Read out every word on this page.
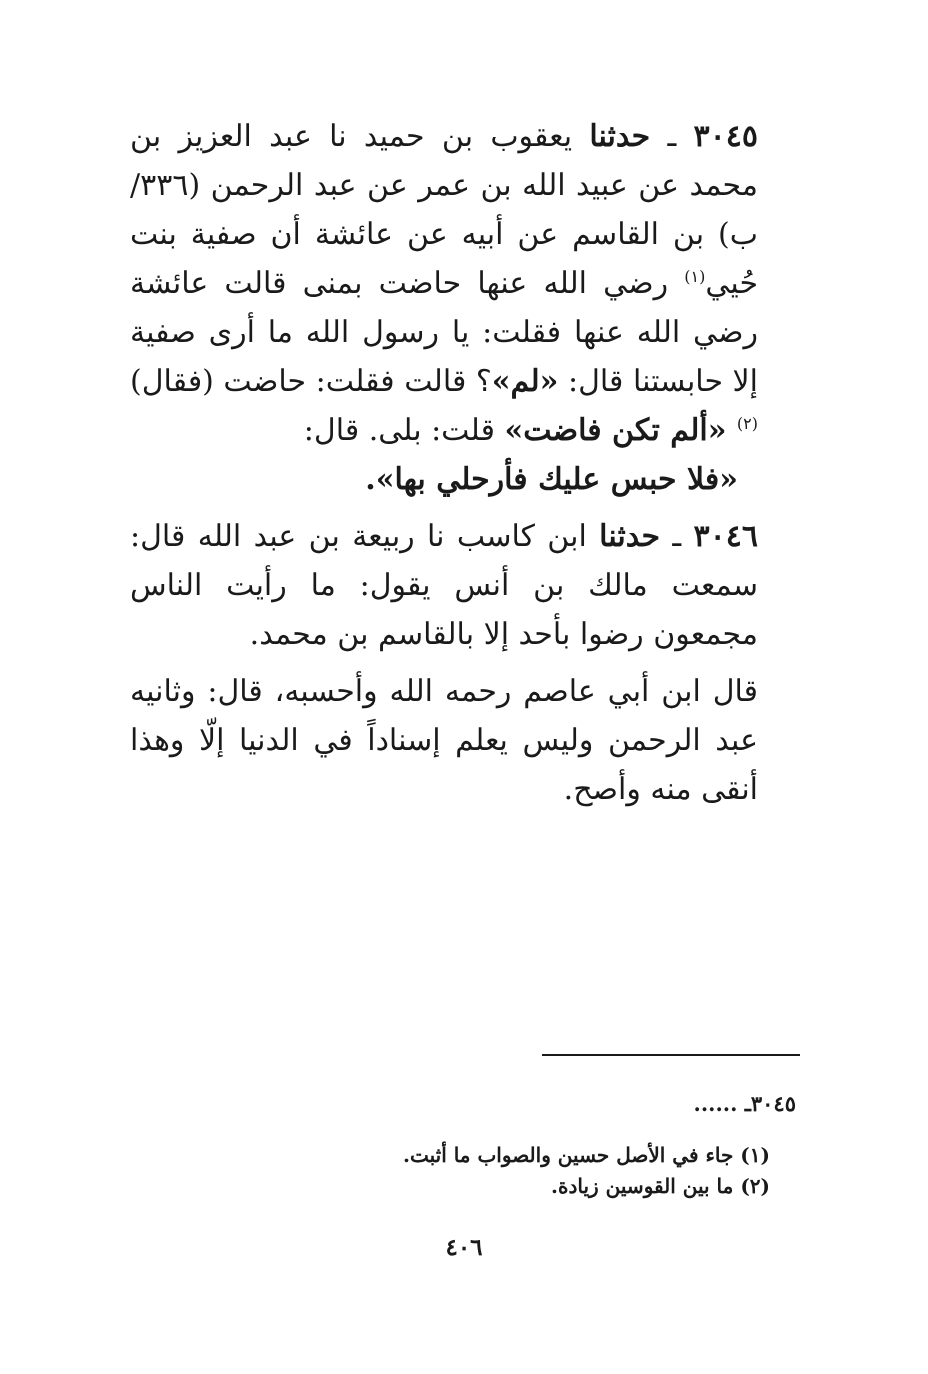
٣٠٤٥ ـ حدثنا يعقوب بن حميد نا عبد العزيز بن محمد عن عبيد الله بن عمر عن عبد الرحمن (٣٣٦/ب) بن القاسم عن أبيه عن عائشة أن صفية بنت حُيي$^{(١)}$ رضي الله عنها حاضت بمنى قالت عائشة رضي الله عنها فقلت: يا رسول الله ما أرى صفية إلا حابستنا قال: «لم»؟ قالت فقلت: حاضت (فقال)$^{(٢)}$ «ألم تكن فاضت» قلت: بلى. قال:
«فلا حبس عليك فأرحلي بها».

٣٠٤٦ ـ حدثنا ابن كاسب نا ربيعة بن عبد الله قال: سمعت مالك بن أنس يقول: ما رأيت الناس مجمعون رضوا بأحد إلا بالقاسم بن محمد.

قال ابن أبي عاصم رحمه الله وأحسبه، قال: وثانيه عبد الرحمن وليس يعلم إسناداً في الدنيا إلّا وهذا أنقى منه وأصح.

٣٠٤٥ـ ......
(١) جاء في الأصل حسين والصواب ما أثبت.
(٢) ما بين القوسين زيادة.
٤٠٦
